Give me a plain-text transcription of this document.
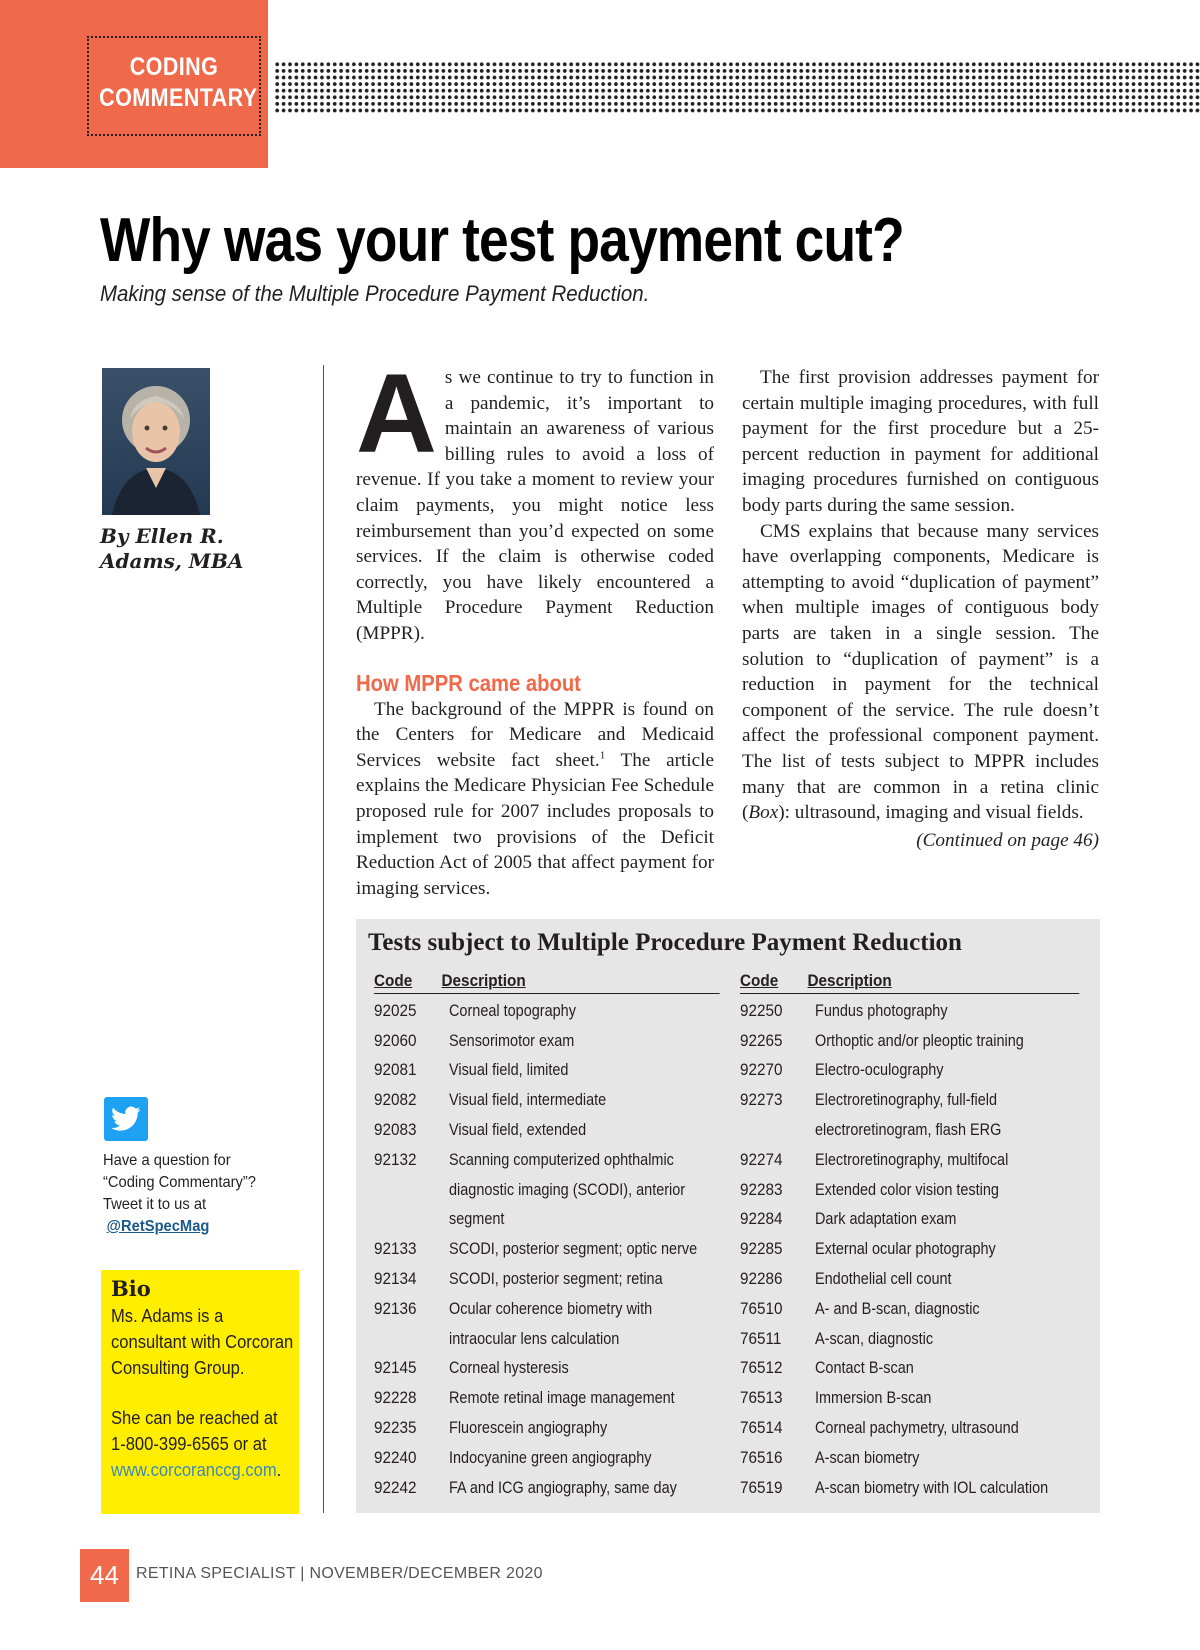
CODING
COMMENTARY
Why was your test payment cut?

Making sense of the Multiple Procedure Payment Reduction.

By Ellen R.
Adams, MBA
Have a question for
“Coding Commentary”?
Tweet it to us at
@RetSpecMag
Bio

Ms. Adams is a consultant with Corcoran Consulting Group.

She can be reached at 1-800-399-6565 or at www.corcoranccg.com.

As we continue to try to function in a pandemic, it’s important to maintain an awareness of various billing rules to avoid a loss of revenue. If you take a moment to review your claim payments, you might notice less reimbursement than you’d expected on some services. If the claim is otherwise coded correctly, you have likely encountered a Multiple Procedure Payment Reduction (MPPR).

How MPPR came about

The background of the MPPR is found on the Centers for Medicare and Medicaid Services website fact sheet.$^1$ The article explains the Medicare Physician Fee Schedule proposed rule for 2007 includes proposals to implement two provisions of the Deficit Reduction Act of 2005 that affect payment for imaging services.

The first provision addresses payment for certain multiple imaging procedures, with full payment for the first procedure but a 25-percent reduction in payment for additional imaging procedures furnished on contiguous body parts during the same session.

CMS explains that because many services have overlapping components, Medicare is attempting to avoid “duplication of payment” when multiple images of contiguous body parts are taken in a single session. The solution to “duplication of payment” is a reduction in payment for the technical component of the service. The rule doesn’t affect the professional component payment. The list of tests subject to MPPR includes many that are common in a retina clinic (Box): ultrasound, imaging and visual fields.

(Continued on page 46)

Tests subject to Multiple Procedure Payment Reduction
Code	Description
92025	Corneal topography
92060	Sensorimotor exam
92081	Visual field, limited
92082	Visual field, intermediate
92083	Visual field, extended
92132	Scanning computerized ophthalmic
diagnostic imaging (SCODI), anterior
segment
92133	SCODI, posterior segment; optic nerve
92134	SCODI, posterior segment; retina
92136	Ocular coherence biometry with
intraocular lens calculation
92145	Corneal hysteresis
92228	Remote retinal image management
92235	Fluorescein angiography
92240	Indocyanine green angiography
92242	FA and ICG angiography, same day
Code	Description
92250	Fundus photography
92265	Orthoptic and/or pleoptic training
92270	Electro-oculography
92273	Electroretinography, full-field
electroretinogram, flash ERG
92274	Electroretinography, multifocal
92283	Extended color vision testing
92284	Dark adaptation exam
92285	External ocular photography
92286	Endothelial cell count
76510	A- and B-scan, diagnostic
76511	A-scan, diagnostic
76512	Contact B-scan
76513	Immersion B-scan
76514	Corneal pachymetry, ultrasound
76516	A-scan biometry
76519	A-scan biometry with IOL calculation
44	RETINA SPECIALIST | NOVEMBER/DECEMBER 2020
